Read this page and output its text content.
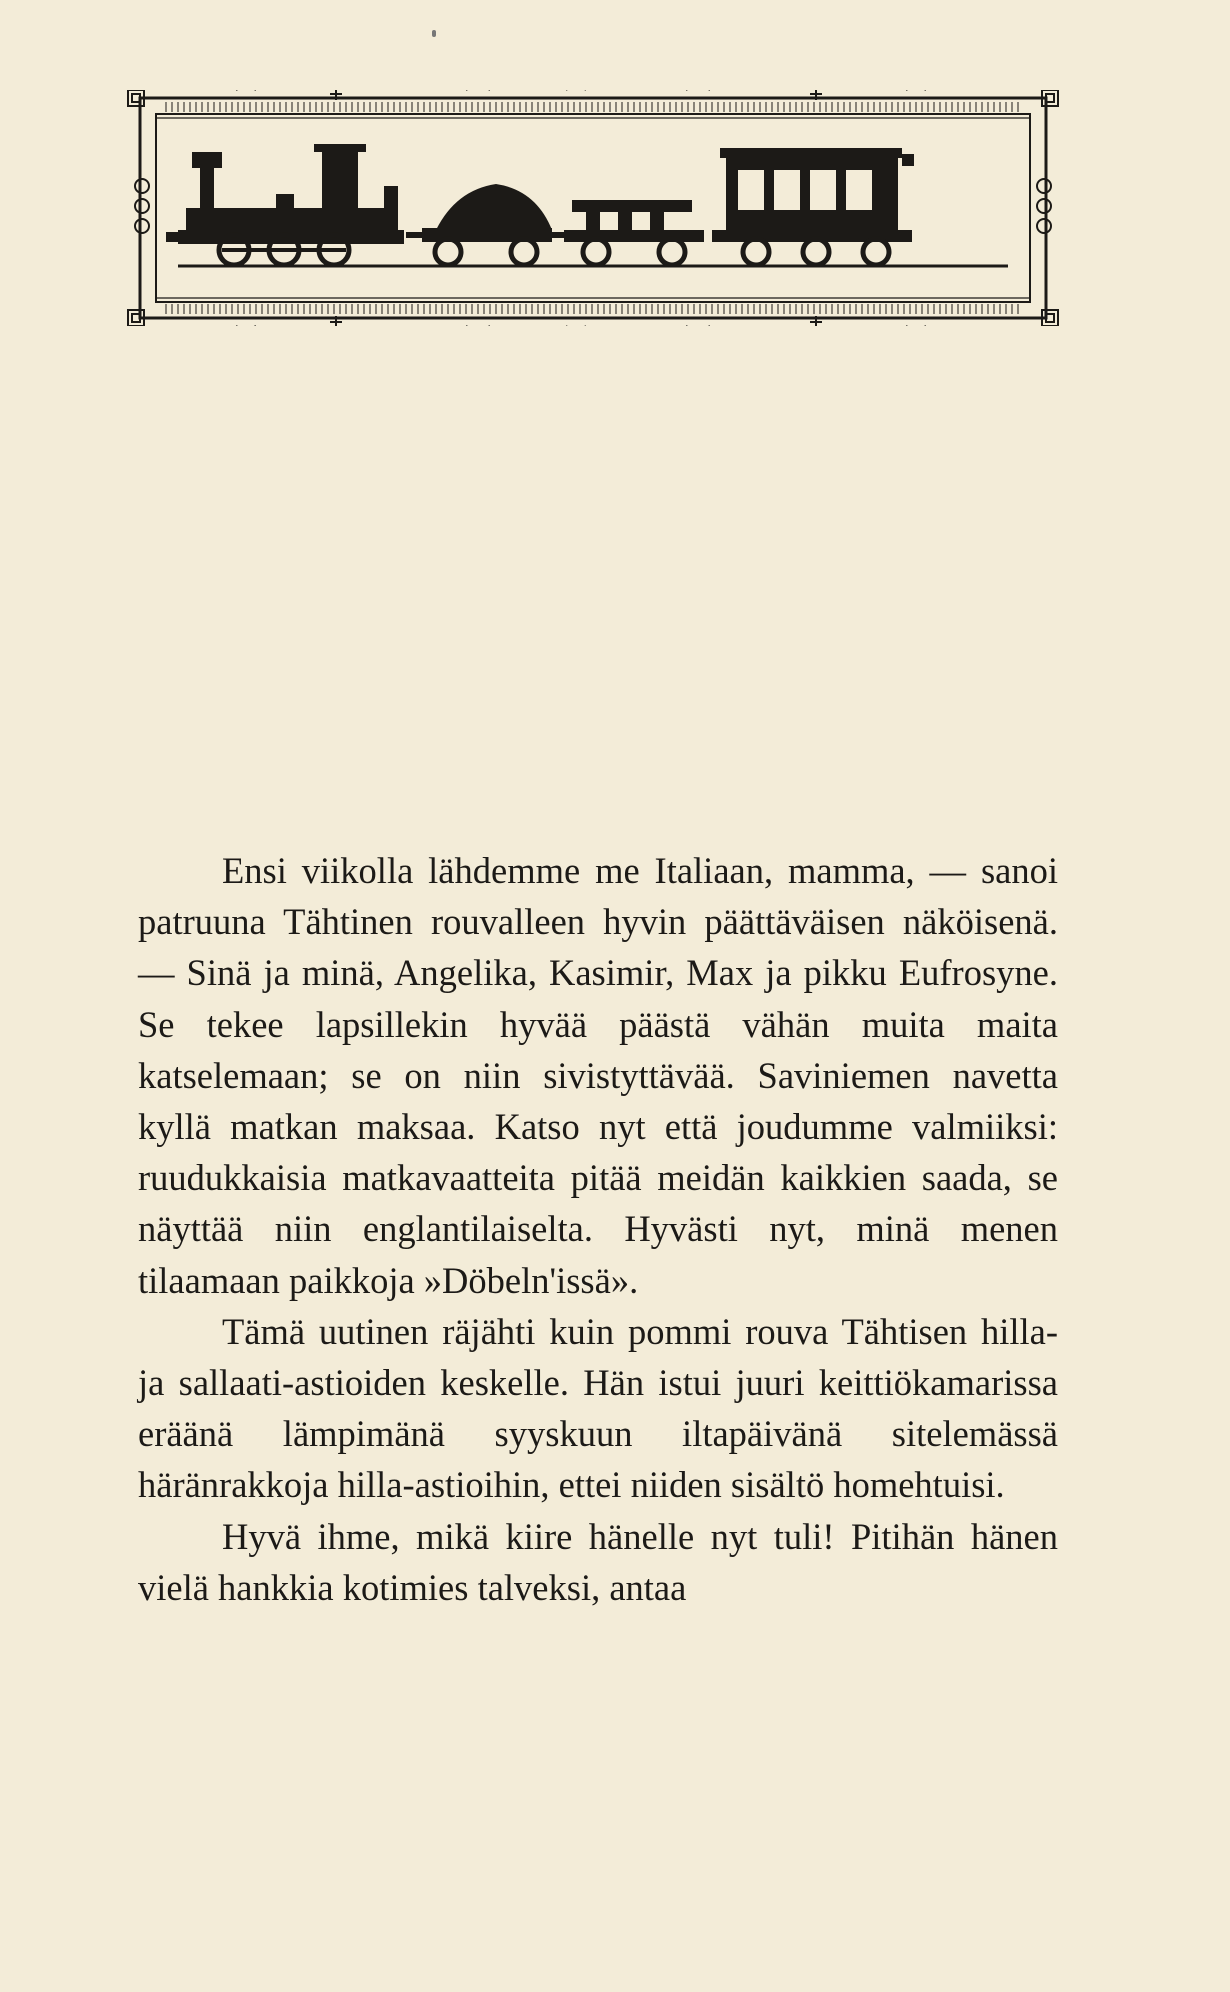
Ensi viikolla lähdemme me Italiaan, mamma, — sanoi patruuna Tähtinen rouvalleen hyvin päättäväisen näköisenä. — Sinä ja minä, Angelika, Kasimir, Max ja pikku Eufrosyne. Se tekee lapsillekin hyvää päästä vähän muita maita katselemaan; se on niin sivistyttävää. Saviniemen navetta kyllä matkan maksaa. Katso nyt että joudumme valmiiksi: ruudukkaisia matkavaatteita pitää meidän kaikkien saada, se näyttää niin englantilaiselta. Hyvästi nyt, minä menen tilaamaan paikkoja »Döbeln'issä».

Tämä uutinen räjähti kuin pommi rouva Tähtisen hilla- ja sallaati-astioiden keskelle. Hän istui juuri keittiökamarissa eräänä lämpimänä syyskuun iltapäivänä sitelemässä häränrakkoja hilla-astioihin, ettei niiden sisältö homehtuisi.

Hyvä ihme, mikä kiire hänelle nyt tuli! Pitihän hänen vielä hankkia kotimies talveksi, antaa
